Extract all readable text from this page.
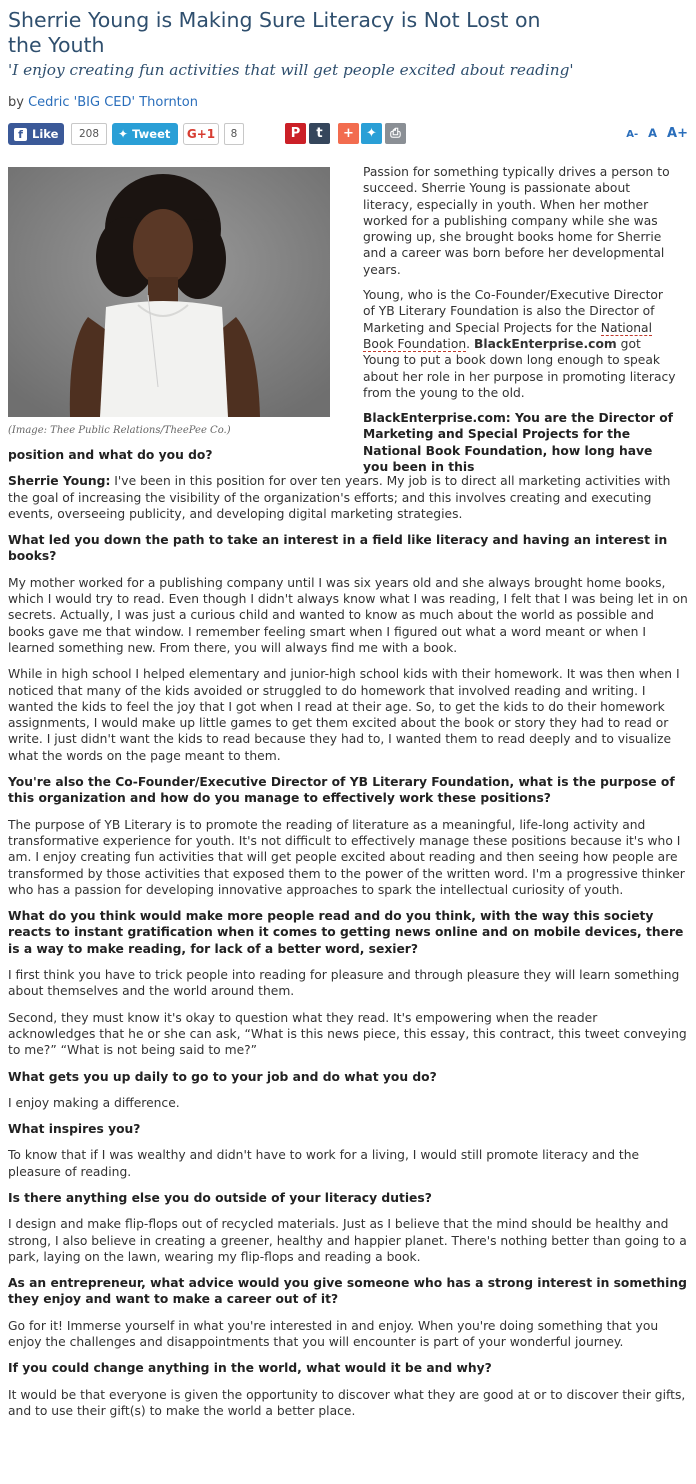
Sherrie Young is Making Sure Literacy is Not Lost on the Youth
'I enjoy creating fun activities that will get people excited about reading'
by Cedric 'BIG CED' Thornton
f Like	208	✦ Tweet	G+1	8	P	t	+ ✦	⎙	A- A A+
(Image: Thee Public Relations/TheePee Co.)

Passion for something typically drives a person to succeed. Sherrie Young is passionate about literacy, especially in youth. When her mother worked for a publishing company while she was growing up, she brought books home for Sherrie and a career was born before her developmental years.

Young, who is the Co-Founder/Executive Director of YB Literary Foundation is also the Director of Marketing and Special Projects for the National Book Foundation. BlackEnterprise.com got Young to put a book down long enough to speak about her role in her purpose in promoting literacy from the young to the old.

BlackEnterprise.com: You are the Director of Marketing and Special Projects for the National Book Foundation, how long have you been in this

position and what do you do?

Sherrie Young: I've been in this position for over ten years. My job is to direct all marketing activities with the goal of increasing the visibility of the organization's efforts; and this involves creating and executing events, overseeing publicity, and developing digital marketing strategies.

What led you down the path to take an interest in a field like literacy and having an interest in books?

My mother worked for a publishing company until I was six years old and she always brought home books, which I would try to read. Even though I didn't always know what I was reading, I felt that I was being let in on secrets. Actually, I was just a curious child and wanted to know as much about the world as possible and books gave me that window. I remember feeling smart when I figured out what a word meant or when I learned something new. From there, you will always find me with a book.

While in high school I helped elementary and junior-high school kids with their homework. It was then when I noticed that many of the kids avoided or struggled to do homework that involved reading and writing. I wanted the kids to feel the joy that I got when I read at their age. So, to get the kids to do their homework assignments, I would make up little games to get them excited about the book or story they had to read or write. I just didn't want the kids to read because they had to, I wanted them to read deeply and to visualize what the words on the page meant to them.

You're also the Co-Founder/Executive Director of YB Literary Foundation, what is the purpose of this organization and how do you manage to effectively work these positions?

The purpose of YB Literary is to promote the reading of literature as a meaningful, life-long activity and transformative experience for youth. It's not difficult to effectively manage these positions because it's who I am. I enjoy creating fun activities that will get people excited about reading and then seeing how people are transformed by those activities that exposed them to the power of the written word. I'm a progressive thinker who has a passion for developing innovative approaches to spark the intellectual curiosity of youth.

What do you think would make more people read and do you think, with the way this society reacts to instant gratification when it comes to getting news online and on mobile devices, there is a way to make reading, for lack of a better word, sexier?

I first think you have to trick people into reading for pleasure and through pleasure they will learn something about themselves and the world around them.

Second, they must know it's okay to question what they read. It's empowering when the reader acknowledges that he or she can ask, “What is this news piece, this essay, this contract, this tweet conveying to me?” “What is not being said to me?”

What gets you up daily to go to your job and do what you do?

I enjoy making a difference.

What inspires you?

To know that if I was wealthy and didn't have to work for a living, I would still promote literacy and the pleasure of reading.

Is there anything else you do outside of your literacy duties?

I design and make flip-flops out of recycled materials. Just as I believe that the mind should be healthy and strong, I also believe in creating a greener, healthy and happier planet. There's nothing better than going to a park, laying on the lawn, wearing my flip-flops and reading a book.

As an entrepreneur, what advice would you give someone who has a strong interest in something they enjoy and want to make a career out of it?

Go for it! Immerse yourself in what you're interested in and enjoy. When you're doing something that you enjoy the challenges and disappointments that you will encounter is part of your wonderful journey.

If you could change anything in the world, what would it be and why?

It would be that everyone is given the opportunity to discover what they are good at or to discover their gifts, and to use their gift(s) to make the world a better place.
